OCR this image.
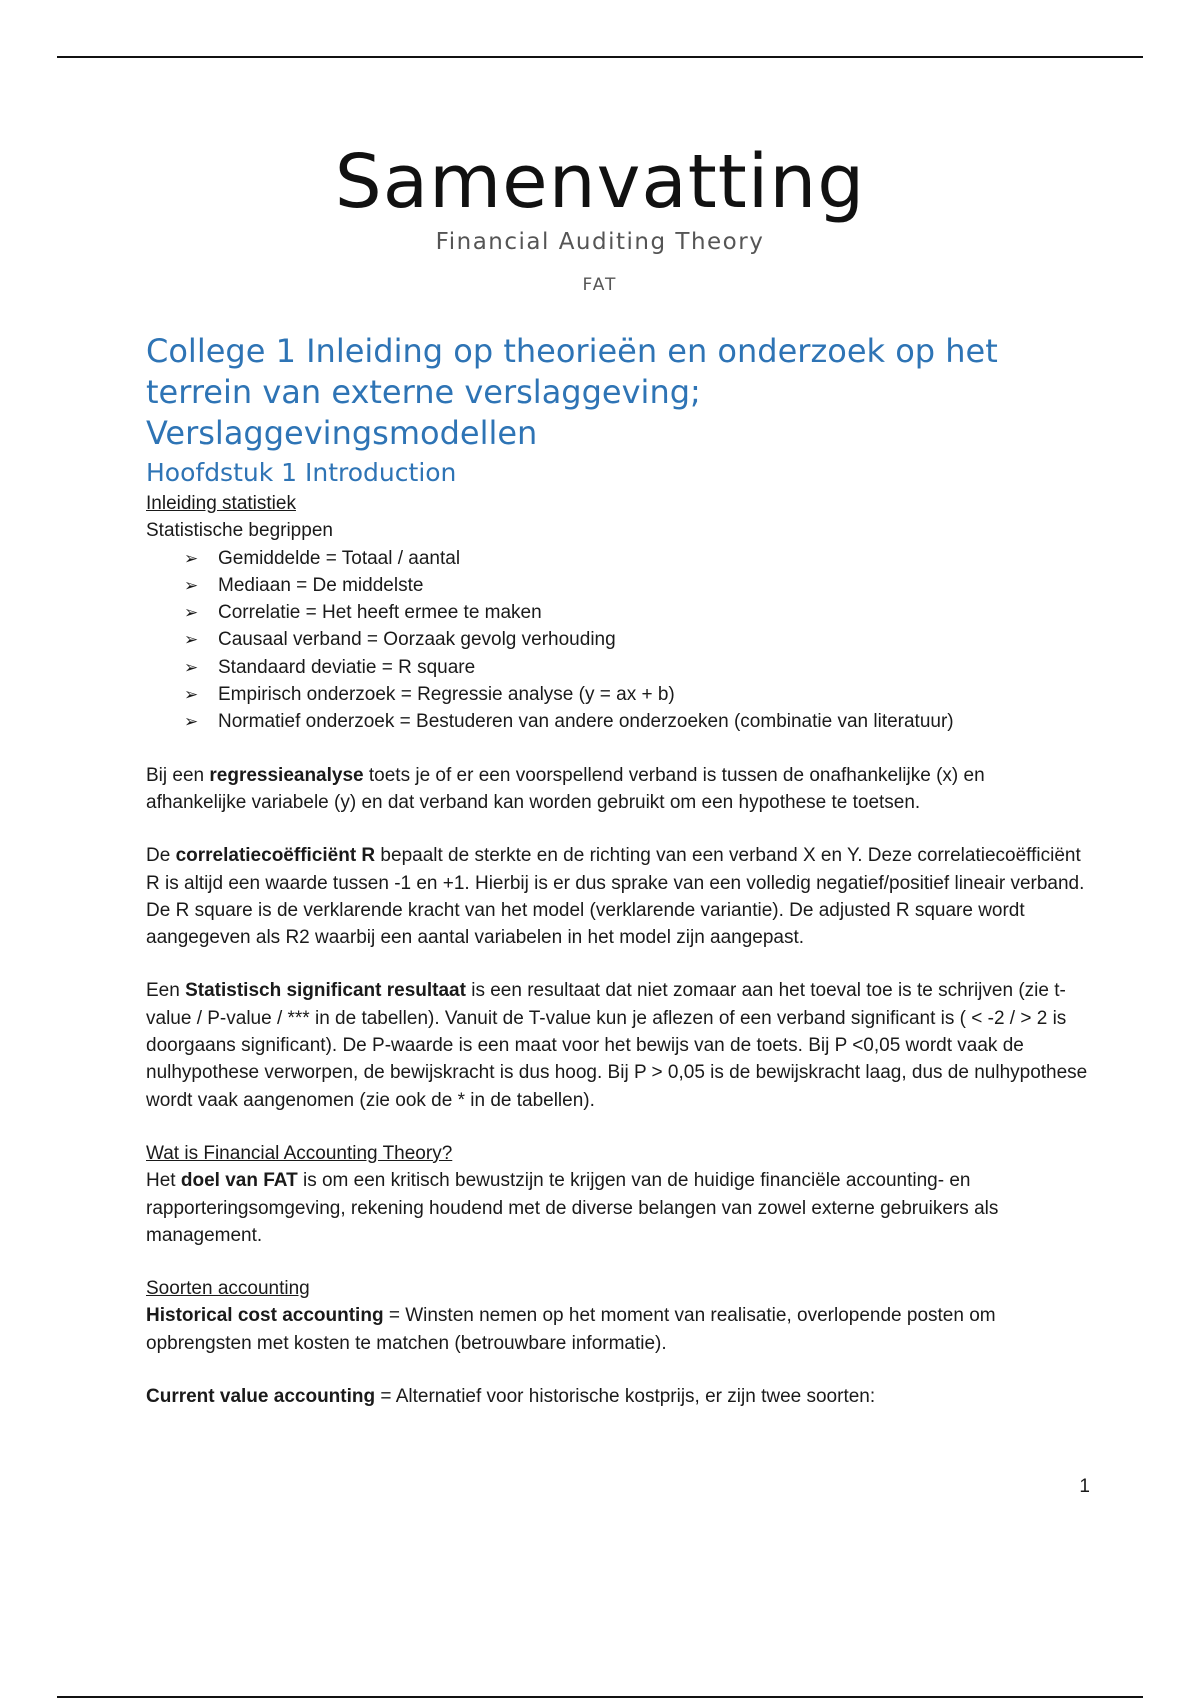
Samenvatting
Financial Auditing Theory
FAT
College 1 Inleiding op theorieën en onderzoek op het terrein van externe verslaggeving; Verslaggevingsmodellen
Hoofdstuk 1 Introduction

Inleiding statistiek

Statistische begrippen

➢ Gemiddelde = Totaal / aantal
➢ Mediaan = De middelste
➢ Correlatie = Het heeft ermee te maken
➢ Causaal verband = Oorzaak gevolg verhouding
➢ Standaard deviatie = R square
➢ Empirisch onderzoek = Regressie analyse (y = ax + b)
➢ Normatief onderzoek = Bestuderen van andere onderzoeken (combinatie van literatuur)

Bij een regressieanalyse toets je of er een voorspellend verband is tussen de onafhankelijke (x) en afhankelijke variabele (y) en dat verband kan worden gebruikt om een hypothese te toetsen.

De correlatiecoëfficiënt R bepaalt de sterkte en de richting van een verband X en Y. Deze correlatiecoëfficiënt R is altijd een waarde tussen -1 en +1. Hierbij is er dus sprake van een volledig negatief/positief lineair verband. De R square is de verklarende kracht van het model (verklarende variantie). De adjusted R square wordt aangegeven als R2 waarbij een aantal variabelen in het model zijn aangepast.

Een Statistisch significant resultaat is een resultaat dat niet zomaar aan het toeval toe is te schrijven (zie t-value / P-value / *** in de tabellen). Vanuit de T-value kun je aflezen of een verband significant is ( < -2 / > 2 is doorgaans significant). De P-waarde is een maat voor het bewijs van de toets. Bij P <0,05 wordt vaak de nulhypothese verworpen, de bewijskracht is dus hoog. Bij P > 0,05 is de bewijskracht laag, dus de nulhypothese wordt vaak aangenomen (zie ook de * in de tabellen).

Wat is Financial Accounting Theory?

Het doel van FAT is om een kritisch bewustzijn te krijgen van de huidige financiële accounting- en rapporteringsomgeving, rekening houdend met de diverse belangen van zowel externe gebruikers als management.

Soorten accounting

Historical cost accounting = Winsten nemen op het moment van realisatie, overlopende posten om opbrengsten met kosten te matchen (betrouwbare informatie).

Current value accounting = Alternatief voor historische kostprijs, er zijn twee soorten:

1
